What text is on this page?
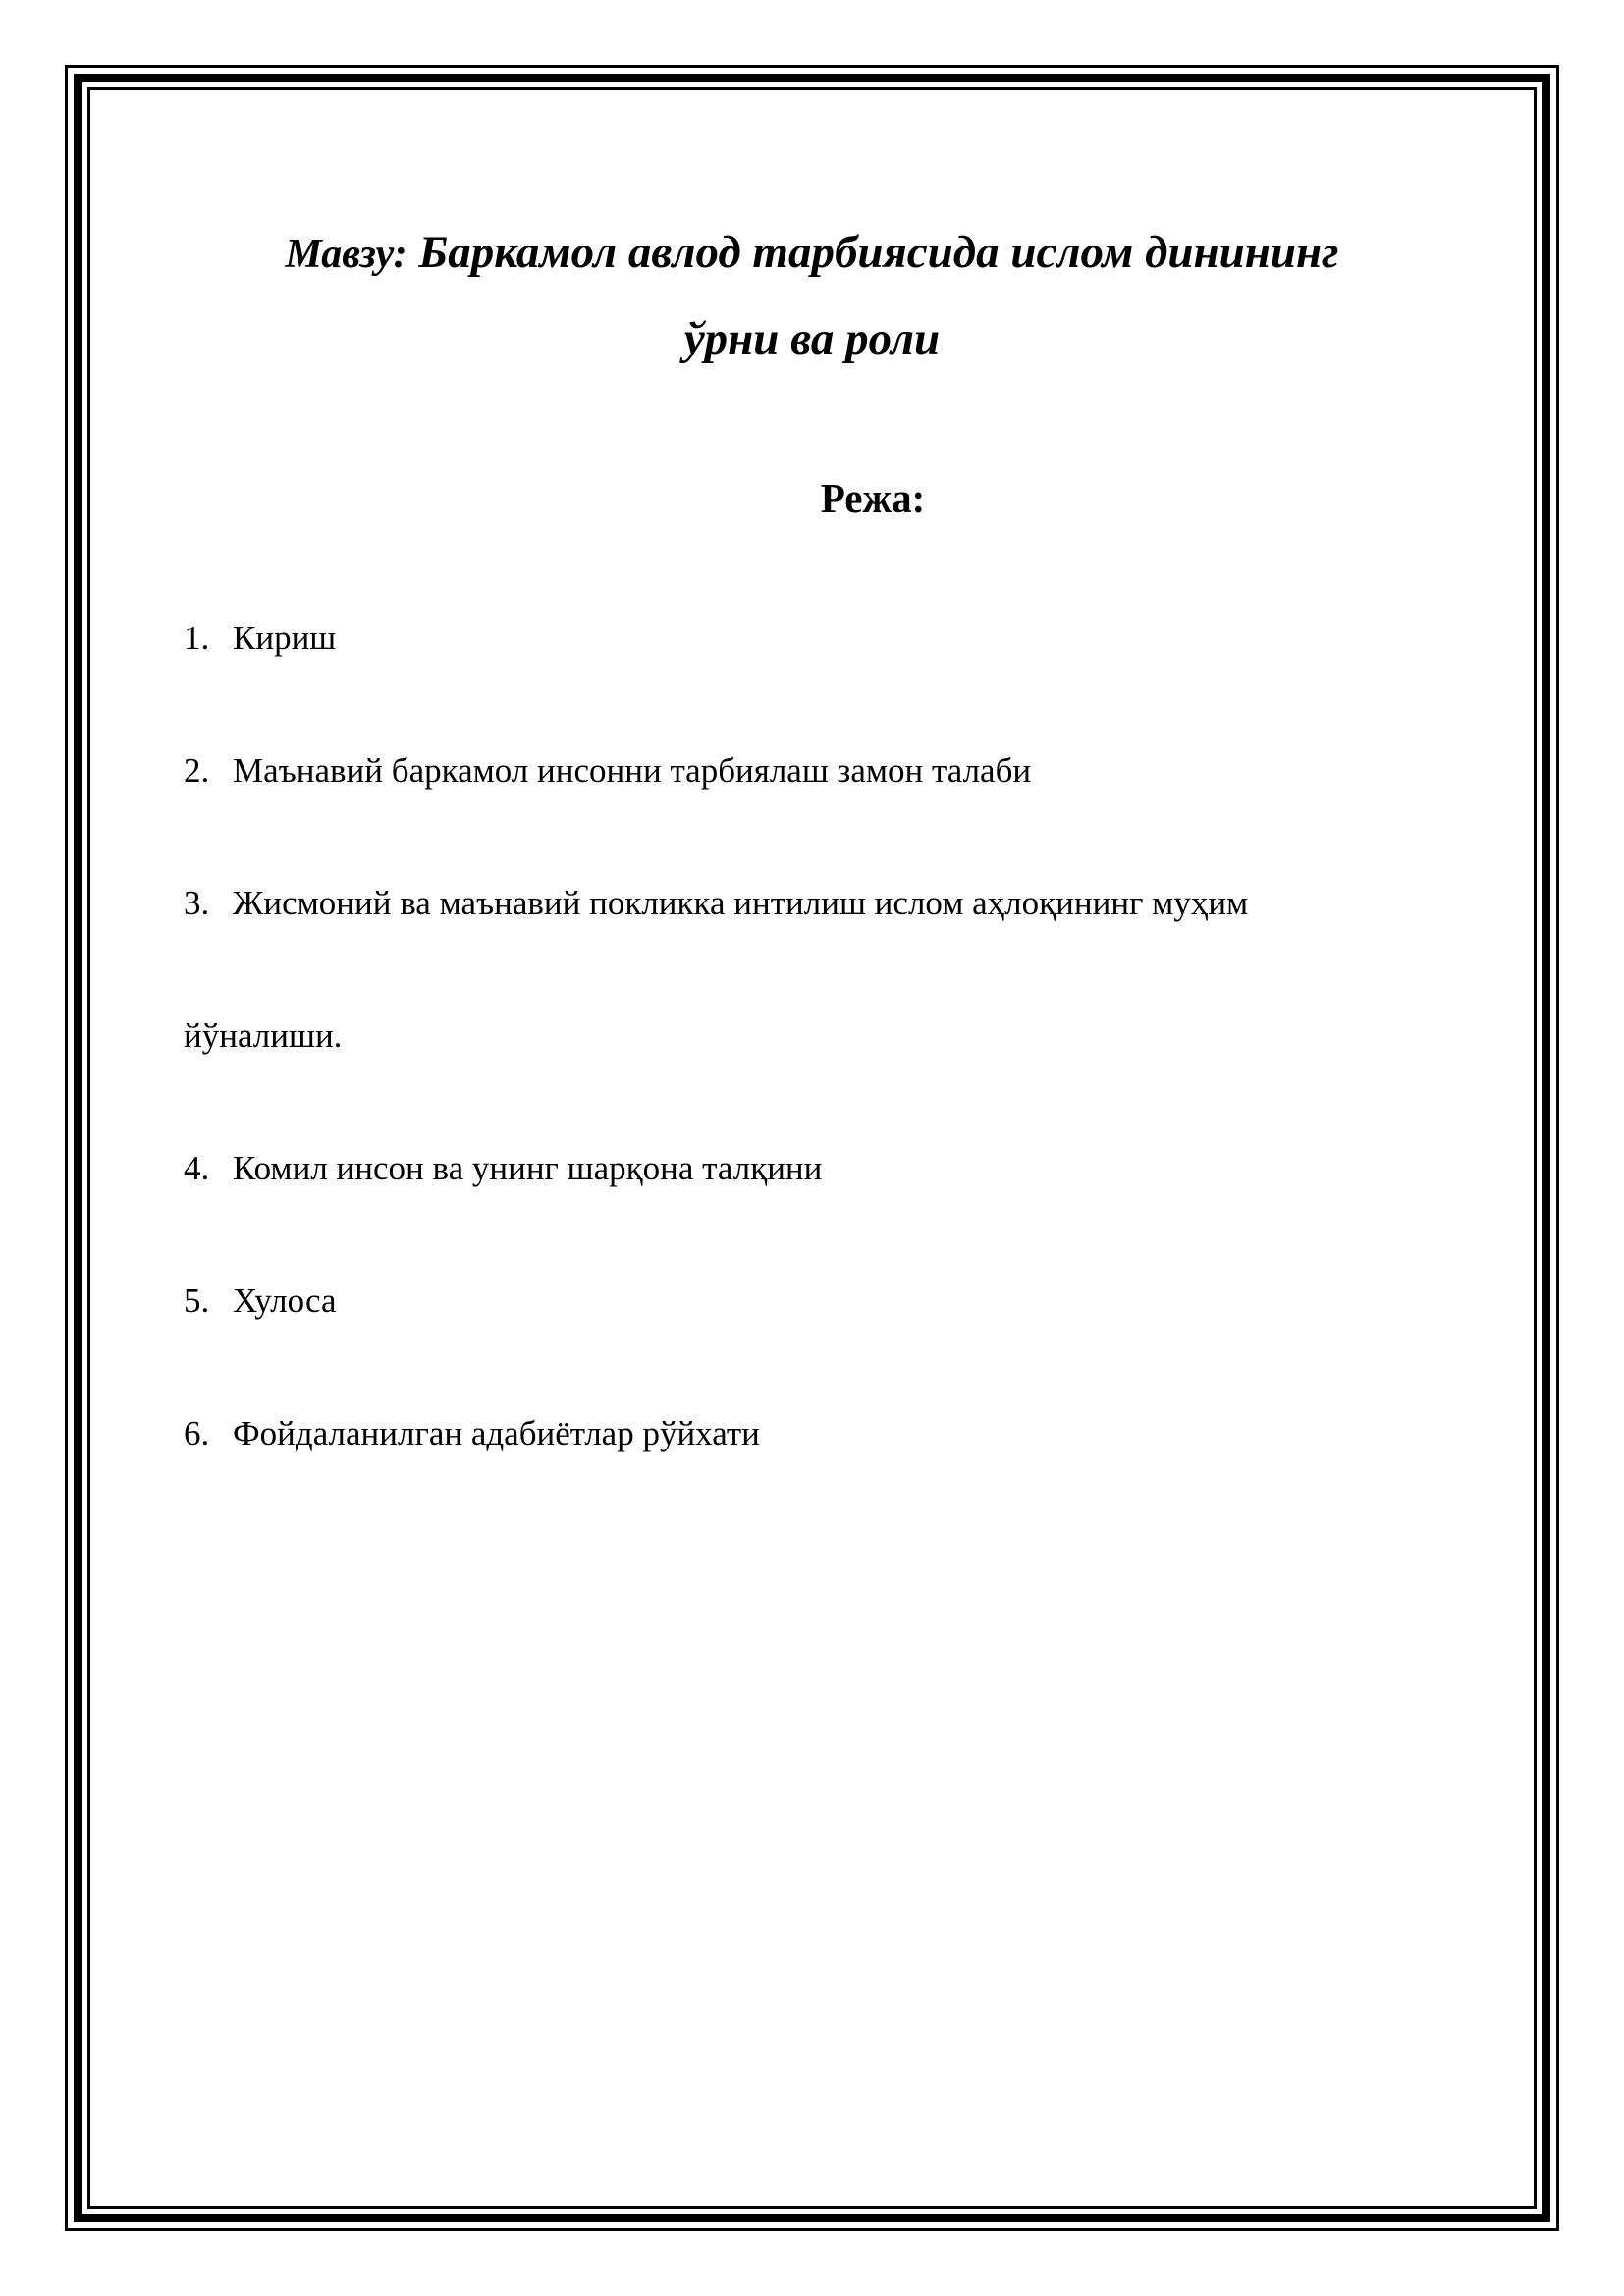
Мавзу: Баркамол авлод тарбиясида ислом динининг
ўрни ва роли
Режа:
1. Кириш
2. Маънавий баркамол инсонни тарбиялаш замон талаби
3. Жисмоний ва маънавий покликка интилиш ислом аҳлоқининг муҳим
йўналиши.
4. Комил инсон ва унинг шарқона талқини
5. Хулоса
6. Фойдаланилган адабиётлар рўйхати
